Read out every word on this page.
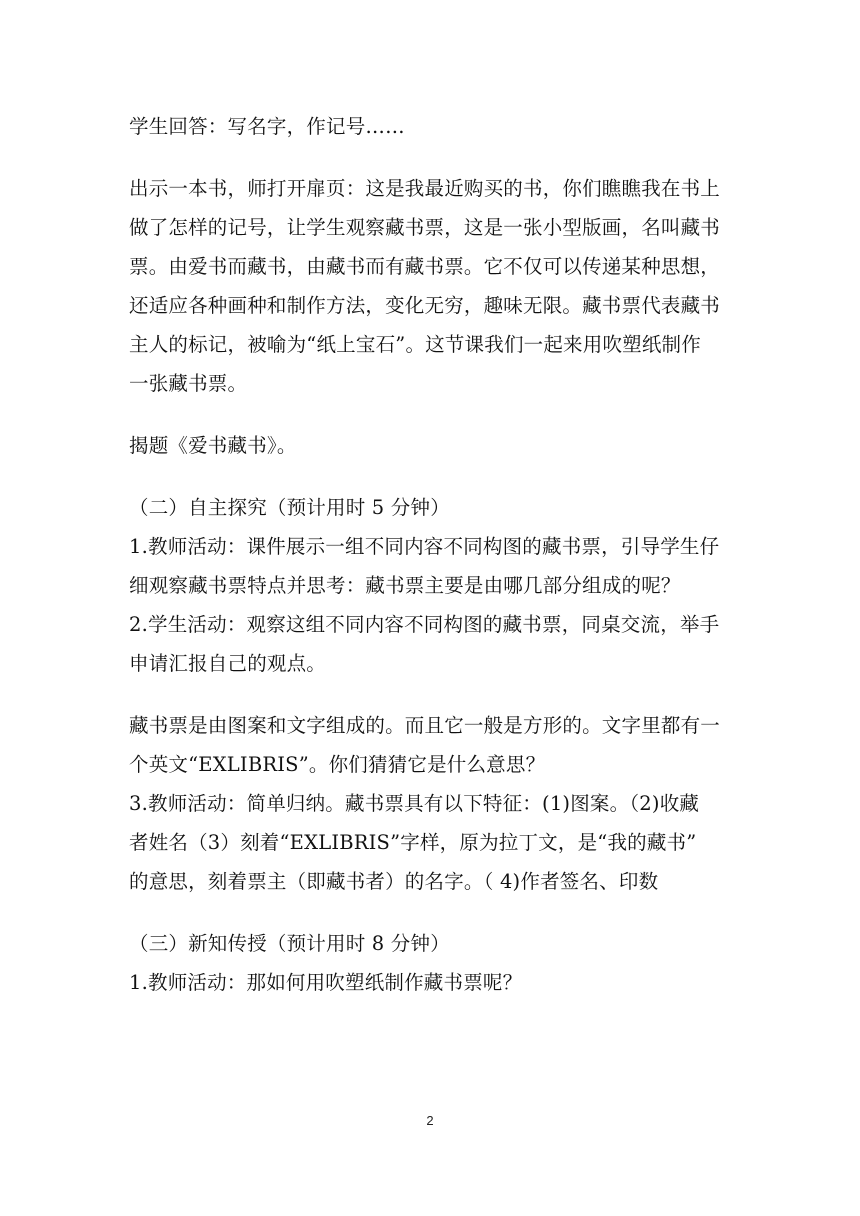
学生回答：写名字，作记号……
出示一本书，师打开扉页：这是我最近购买的书，你们瞧瞧我在书上
做了怎样的记号，让学生观察藏书票，这是一张小型版画，名叫藏书
票。由爱书而藏书，由藏书而有藏书票。它不仅可以传递某种思想，
还适应各种画种和制作方法，变化无穷，趣味无限。藏书票代表藏书
主人的标记，被喻为“纸上宝石”。这节课我们一起来用吹塑纸制作
一张藏书票。
揭题《爱书藏书》。
（二）自主探究（预计用时 5 分钟）
1.教师活动：课件展示一组不同内容不同构图的藏书票，引导学生仔
细观察藏书票特点并思考：藏书票主要是由哪几部分组成的呢？
2.学生活动：观察这组不同内容不同构图的藏书票，同桌交流，举手
申请汇报自己的观点。
藏书票是由图案和文字组成的。而且它一般是方形的。文字里都有一
个英文“EXLIBRIS”。你们猜猜它是什么意思？
3.教师活动：简单归纳。藏书票具有以下特征：(1)图案。（2)收藏
者姓名（3）刻着“EXLIBRIS”字样，原为拉丁文，是“我的藏书”
的意思，刻着票主（即藏书者）的名字。（ 4)作者签名、印数
（三）新知传授（预计用时 8 分钟）
1.教师活动：那如何用吹塑纸制作藏书票呢？
2
